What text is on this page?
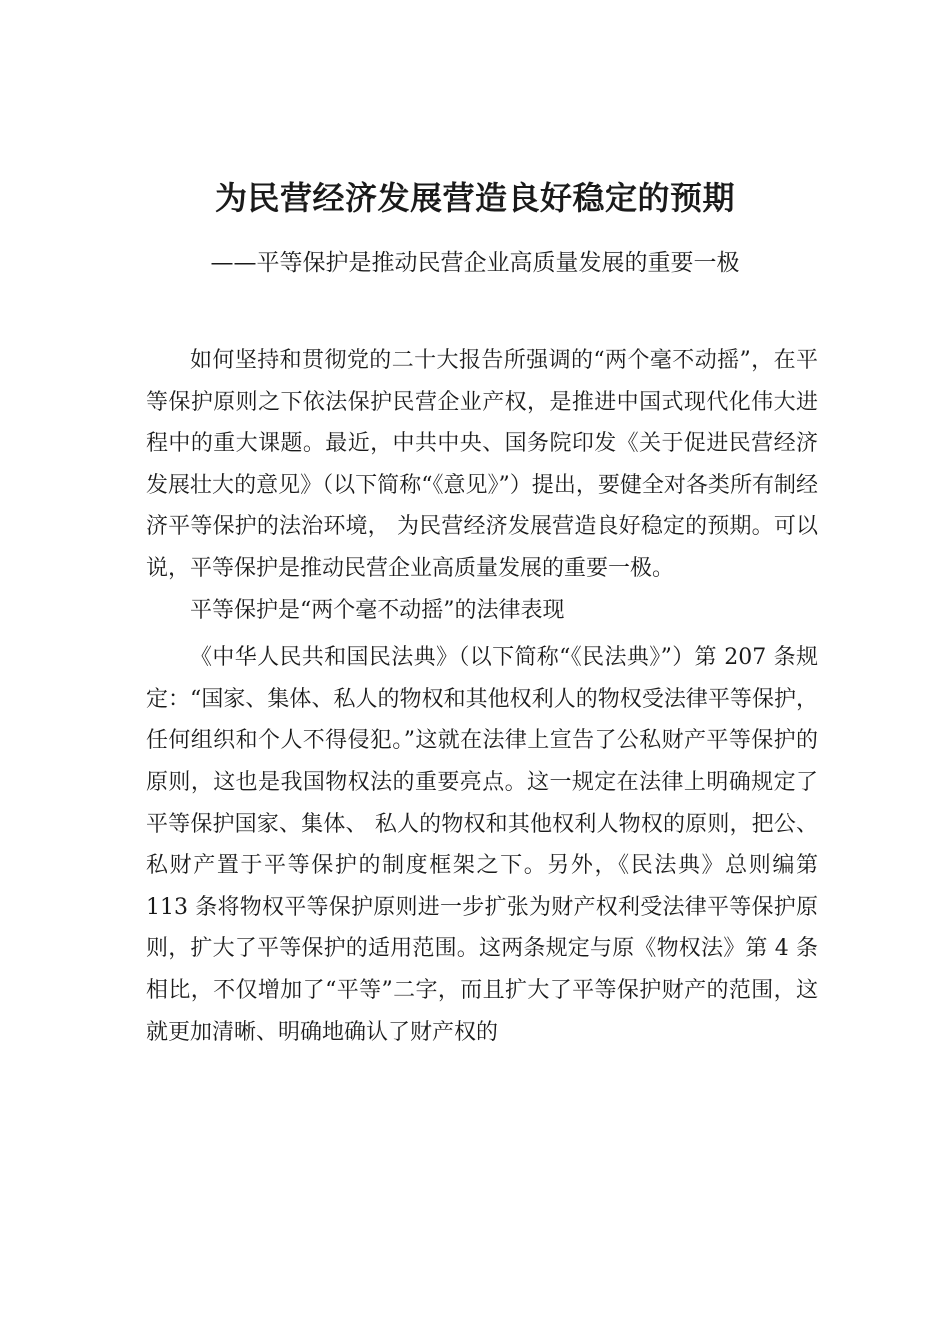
为民营经济发展营造良好稳定的预期
——平等保护是推动民营企业高质量发展的重要一极

如何坚持和贯彻党的二十大报告所强调的“两个毫不动摇”，在平等保护原则之下依法保护民营企业产权，是推进中国式现代化伟大进程中的重大课题。最近，中共中央、国务院印发《关于促进民营经济发展壮大的意见》（以下简称“《意见》”）提出，要健全对各类所有制经济平等保护的法治环境， 为民营经济发展营造良好稳定的预期。可以说，平等保护是推动民营企业高质量发展的重要一极。

平等保护是“两个毫不动摇”的法律表现

《中华人民共和国民法典》（以下简称“《民法典》”）第 207 条规定：“国家、集体、私人的物权和其他权利人的物权受法律平等保护，任何组织和个人不得侵犯。”这就在法律上宣告了公私财产平等保护的原则，这也是我国物权法的重要亮点。这一规定在法律上明确规定了平等保护国家、集体、 私人的物权和其他权利人物权的原则，把公、私财产置于平等保护的制度框架之下。另外，《民法典》总则编第 113 条将物权平等保护原则进一步扩张为财产权利受法律平等保护原则，扩大了平等保护的适用范围。这两条规定与原《物权法》第 4 条相比，不仅增加了“平等”二字，而且扩大了平等保护财产的范围，这就更加清晰、明确地确认了财产权的
